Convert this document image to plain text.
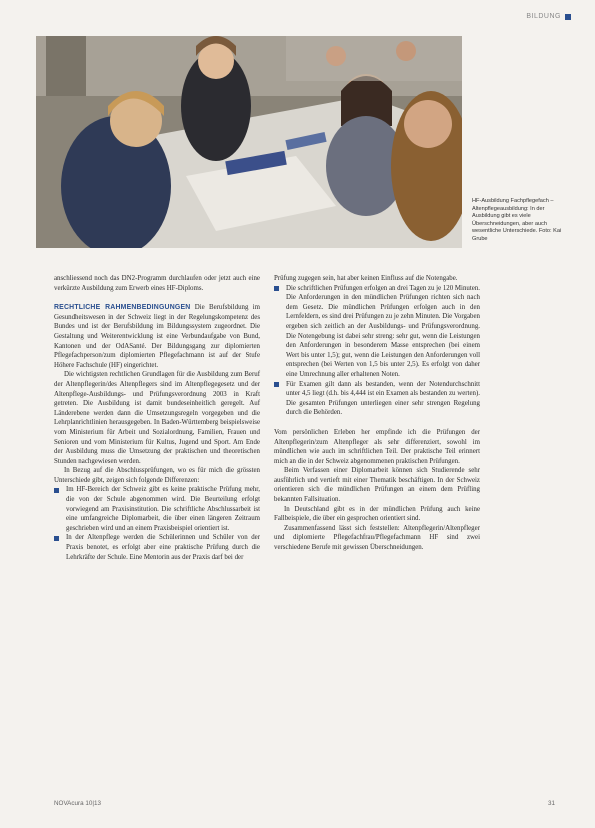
BILDUNG
HF-Ausbildung Fachpflegefach – Altenpflegeausbildung: In der Ausbildung gibt es viele Überschneidungen, aber auch wesentliche Unterschiede. Foto: Kai Grube

anschliessend noch das DN2-Programm durchlaufen oder jetzt auch eine verkürzte Ausbildung zum Erwerb eines HF-Diploms.

RECHTLICHE RAHMENBEDINGUNGEN Die Berufsbildung im Gesundheitswesen in der Schweiz liegt in der Regelungskompetenz des Bundes und ist der Berufsbildung im Bildungssystem zugeordnet. Die Gestaltung und Weiterentwicklung ist eine Verbundaufgabe von Bund, Kantonen und der OdASanté. Der Bildungsgang zur diplomierten Pflegefachperson/zum diplomierten Pflegefachmann ist auf der Stufe Höhere Fachschule (HF) eingerichtet.

Die wichtigsten rechtlichen Grundlagen für die Ausbildung zum Beruf der Altenpflegerin/des Altenpflegers sind im Altenpflegegesetz und der Altenpflege-Ausbildungs- und Prüfungsverordnung 2003 in Kraft getreten. Die Ausbildung ist damit bundeseinheitlich geregelt. Auf Länderebene werden dann die Umsetzungsregeln vorgegeben und die Lehrplanrichtlinien herausgegeben. In Baden-Württemberg beispielsweise vom Ministerium für Arbeit und Sozialordnung, Familien, Frauen und Senioren und vom Ministerium für Kultus, Jugend und Sport. Am Ende der Ausbildung muss die Umsetzung der praktischen und theoretischen Stunden nachgewiesen werden.

In Bezug auf die Abschlussprüfungen, wo es für mich die grössten Unterschiede gibt, zeigen sich folgende Differenzen:

Im HF-Bereich der Schweiz gibt es keine praktische Prüfung mehr, die von der Schule abgenommen wird. Die Beurteilung erfolgt vorwiegend am Praxisinstitution. Die schriftliche Abschlussarbeit ist eine umfangreiche Diplomarbeit, die über einen längeren Zeitraum geschrieben wird und an einem Praxisbeispiel orientiert ist.
In der Altenpflege werden die Schülerinnen und Schüler von der Praxis benotet, es erfolgt aber eine praktische Prüfung durch die Lehrkräfte der Schule. Eine Mentorin aus der Praxis darf bei der

Prüfung zugegen sein, hat aber keinen Einfluss auf die Notengabe.

Die schriftlichen Prüfungen erfolgen an drei Tagen zu je 120 Minuten. Die Anforderungen in den mündlichen Prüfungen richten sich nach dem Gesetz. Die mündlichen Prüfungen erfolgen auch in den Lernfeldern, es sind drei Prüfungen zu je zehn Minuten. Die Vorgaben ergeben sich zeitlich an der Ausbildungs- und Prüfungsverordnung. Die Notengebung ist dabei sehr streng: sehr gut, wenn die Leistungen den Anforderungen in besonderem Masse entsprechen (bei einem Wert bis unter 1,5); gut, wenn die Leistungen den Anforderungen voll entsprechen (bei Werten von 1,5 bis unter 2,5). Es erfolgt von daher eine Umrechnung aller erhaltenen Noten.
Für Examen gilt dann als bestanden, wenn der Notendurchschnitt unter 4,5 liegt (d.h. bis 4,444 ist ein Examen als bestanden zu werten). Die gesamten Prüfungen unterliegen einer sehr strengen Regelung durch die Behörden.

Vom persönlichen Erleben her empfinde ich die Prüfungen der Altenpflegerin/zum Altenpfleger als sehr differenziert, sowohl im mündlichen wie auch im schriftlichen Teil. Der praktische Teil erinnert mich an die in der Schweiz abgenommenen praktischen Prüfungen.

Beim Verfassen einer Diplomarbeit können sich Studierende sehr ausführlich und vertieft mit einer Thematik beschäftigen. In der Schweiz orientieren sich die mündlichen Prüfungen an einem dem Prüfling bekannten Fallsituation.

In Deutschland gibt es in der mündlichen Prüfung auch keine Fallbeispiele, die über ein gesprochen orientiert sind.

Zusammenfassend lässt sich feststellen: Altenpflegerin/Altenpfleger und diplomierte Pflegefachfrau/Pflegefachmann HF sind zwei verschiedene Berufe mit gewissen Überschneidungen.

NOVAcura 10|13	31
